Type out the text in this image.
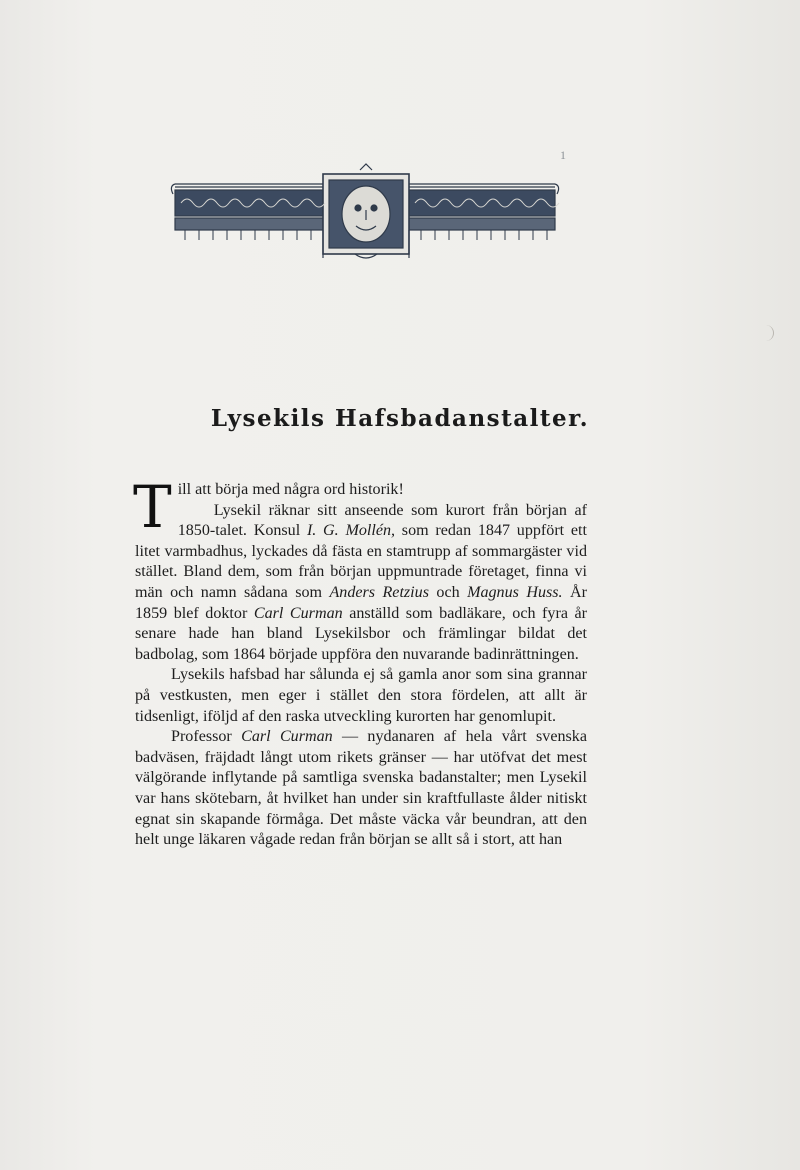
1
Lysekils Hafsbadanstalter.

Till att börja med några ord historik!
Lysekil räknar sitt anseende som kurort från början af 1850-talet. Konsul I. G. Mollén, som redan 1847 uppfört ett litet varmbadhus, lyckades då fästa en stamtrupp af sommargäster vid stället. Bland dem, som från början uppmuntrade företaget, finna vi män och namn sådana som Anders Retzius och Magnus Huss. År 1859 blef doktor Carl Curman anställd som badläkare, och fyra år senare hade han bland Lysekilsbor och främlingar bildat det badbolag, som 1864 började uppföra den nuvarande badinrättningen.

Lysekils hafsbad har sålunda ej så gamla anor som sina grannar på vestkusten, men eger i stället den stora fördelen, att allt är tidsenligt, iföljd af den raska utveckling kurorten har genomlupit.

Professor Carl Curman — nydanaren af hela vårt svenska badväsen, fräjdadt långt utom rikets gränser — har utöfvat det mest välgörande inflytande på samtliga svenska badanstalter; men Lysekil var hans skötebarn, åt hvilket han under sin kraftfullaste ålder nitiskt egnat sin skapande förmåga. Det måste väcka vår beundran, att den helt unge läkaren vågade redan från början se allt så i stort, att han
